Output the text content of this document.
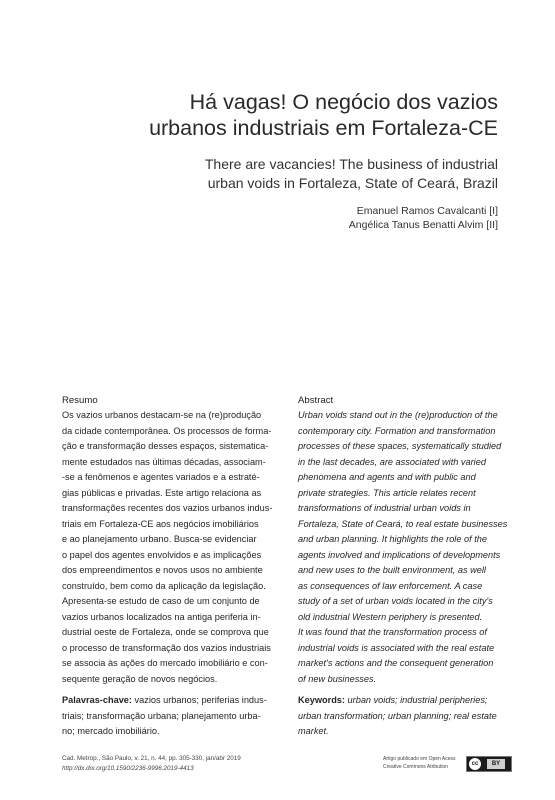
Há vagas! O negócio dos vazios
urbanos industriais em Fortaleza-CE
There are vacancies! The business of industrial
urban voids in Fortaleza, State of Ceará, Brazil
Emanuel Ramos Cavalcanti [I]
Angélica Tanus Benatti Alvim [II]
Resumo
Os vazios urbanos destacam-se na (re)produção
da cidade contemporânea. Os processos de forma-
ção e transformação desses espaços, sistematica-
mente estudados nas últimas décadas, associam-
-se a fenômenos e agentes variados e a estraté-
gias públicas e privadas. Este artigo relaciona as
transformações recentes dos vazios urbanos indus-
triais em Fortaleza-CE aos negócios imobiliários
e ao planejamento urbano. Busca-se evidenciar
o papel dos agentes envolvidos e as implicações
dos empreendimentos e novos usos no ambiente
construído, bem como da aplicação da legislação.
Apresenta-se estudo de caso de um conjunto de
vazios urbanos localizados na antiga periferia in-
dustrial oeste de Fortaleza, onde se comprova que
o processo de transformação dos vazios industriais
se associa às ações do mercado imobiliário e con-
sequente geração de novos negócios.
Palavras-chave: vazios urbanos; periferias indus-
triais; transformação urbana; planejamento urba-
no; mercado imobiliário.
Abstract
Urban voids stand out in the (re)production of the
contemporary city. Formation and transformation
processes of these spaces, systematically studied
in the last decades, are associated with varied
phenomena and agents and with public and
private strategies. This article relates recent
transformations of industrial urban voids in
Fortaleza, State of Ceará, to real estate businesses
and urban planning. It highlights the role of the
agents involved and implications of developments
and new uses to the built environment, as well
as consequences of law enforcement. A case
study of a set of urban voids located in the city's
old industrial Western periphery is presented.
It was found that the transformation process of
industrial voids is associated with the real estate
market's actions and the consequent generation
of new businesses.
Keywords: urban voids; industrial peripheries;
urban transformation; urban planning; real estate
market.
Cad. Metrop., São Paulo, v. 21, n. 44, pp. 305-330, jan/abr 2019
http://dx.doi.org/10.1590/2236-9996.2019-4413
Artigo publicado em Open Acess
Creative Commons Atribution	cc	BY
